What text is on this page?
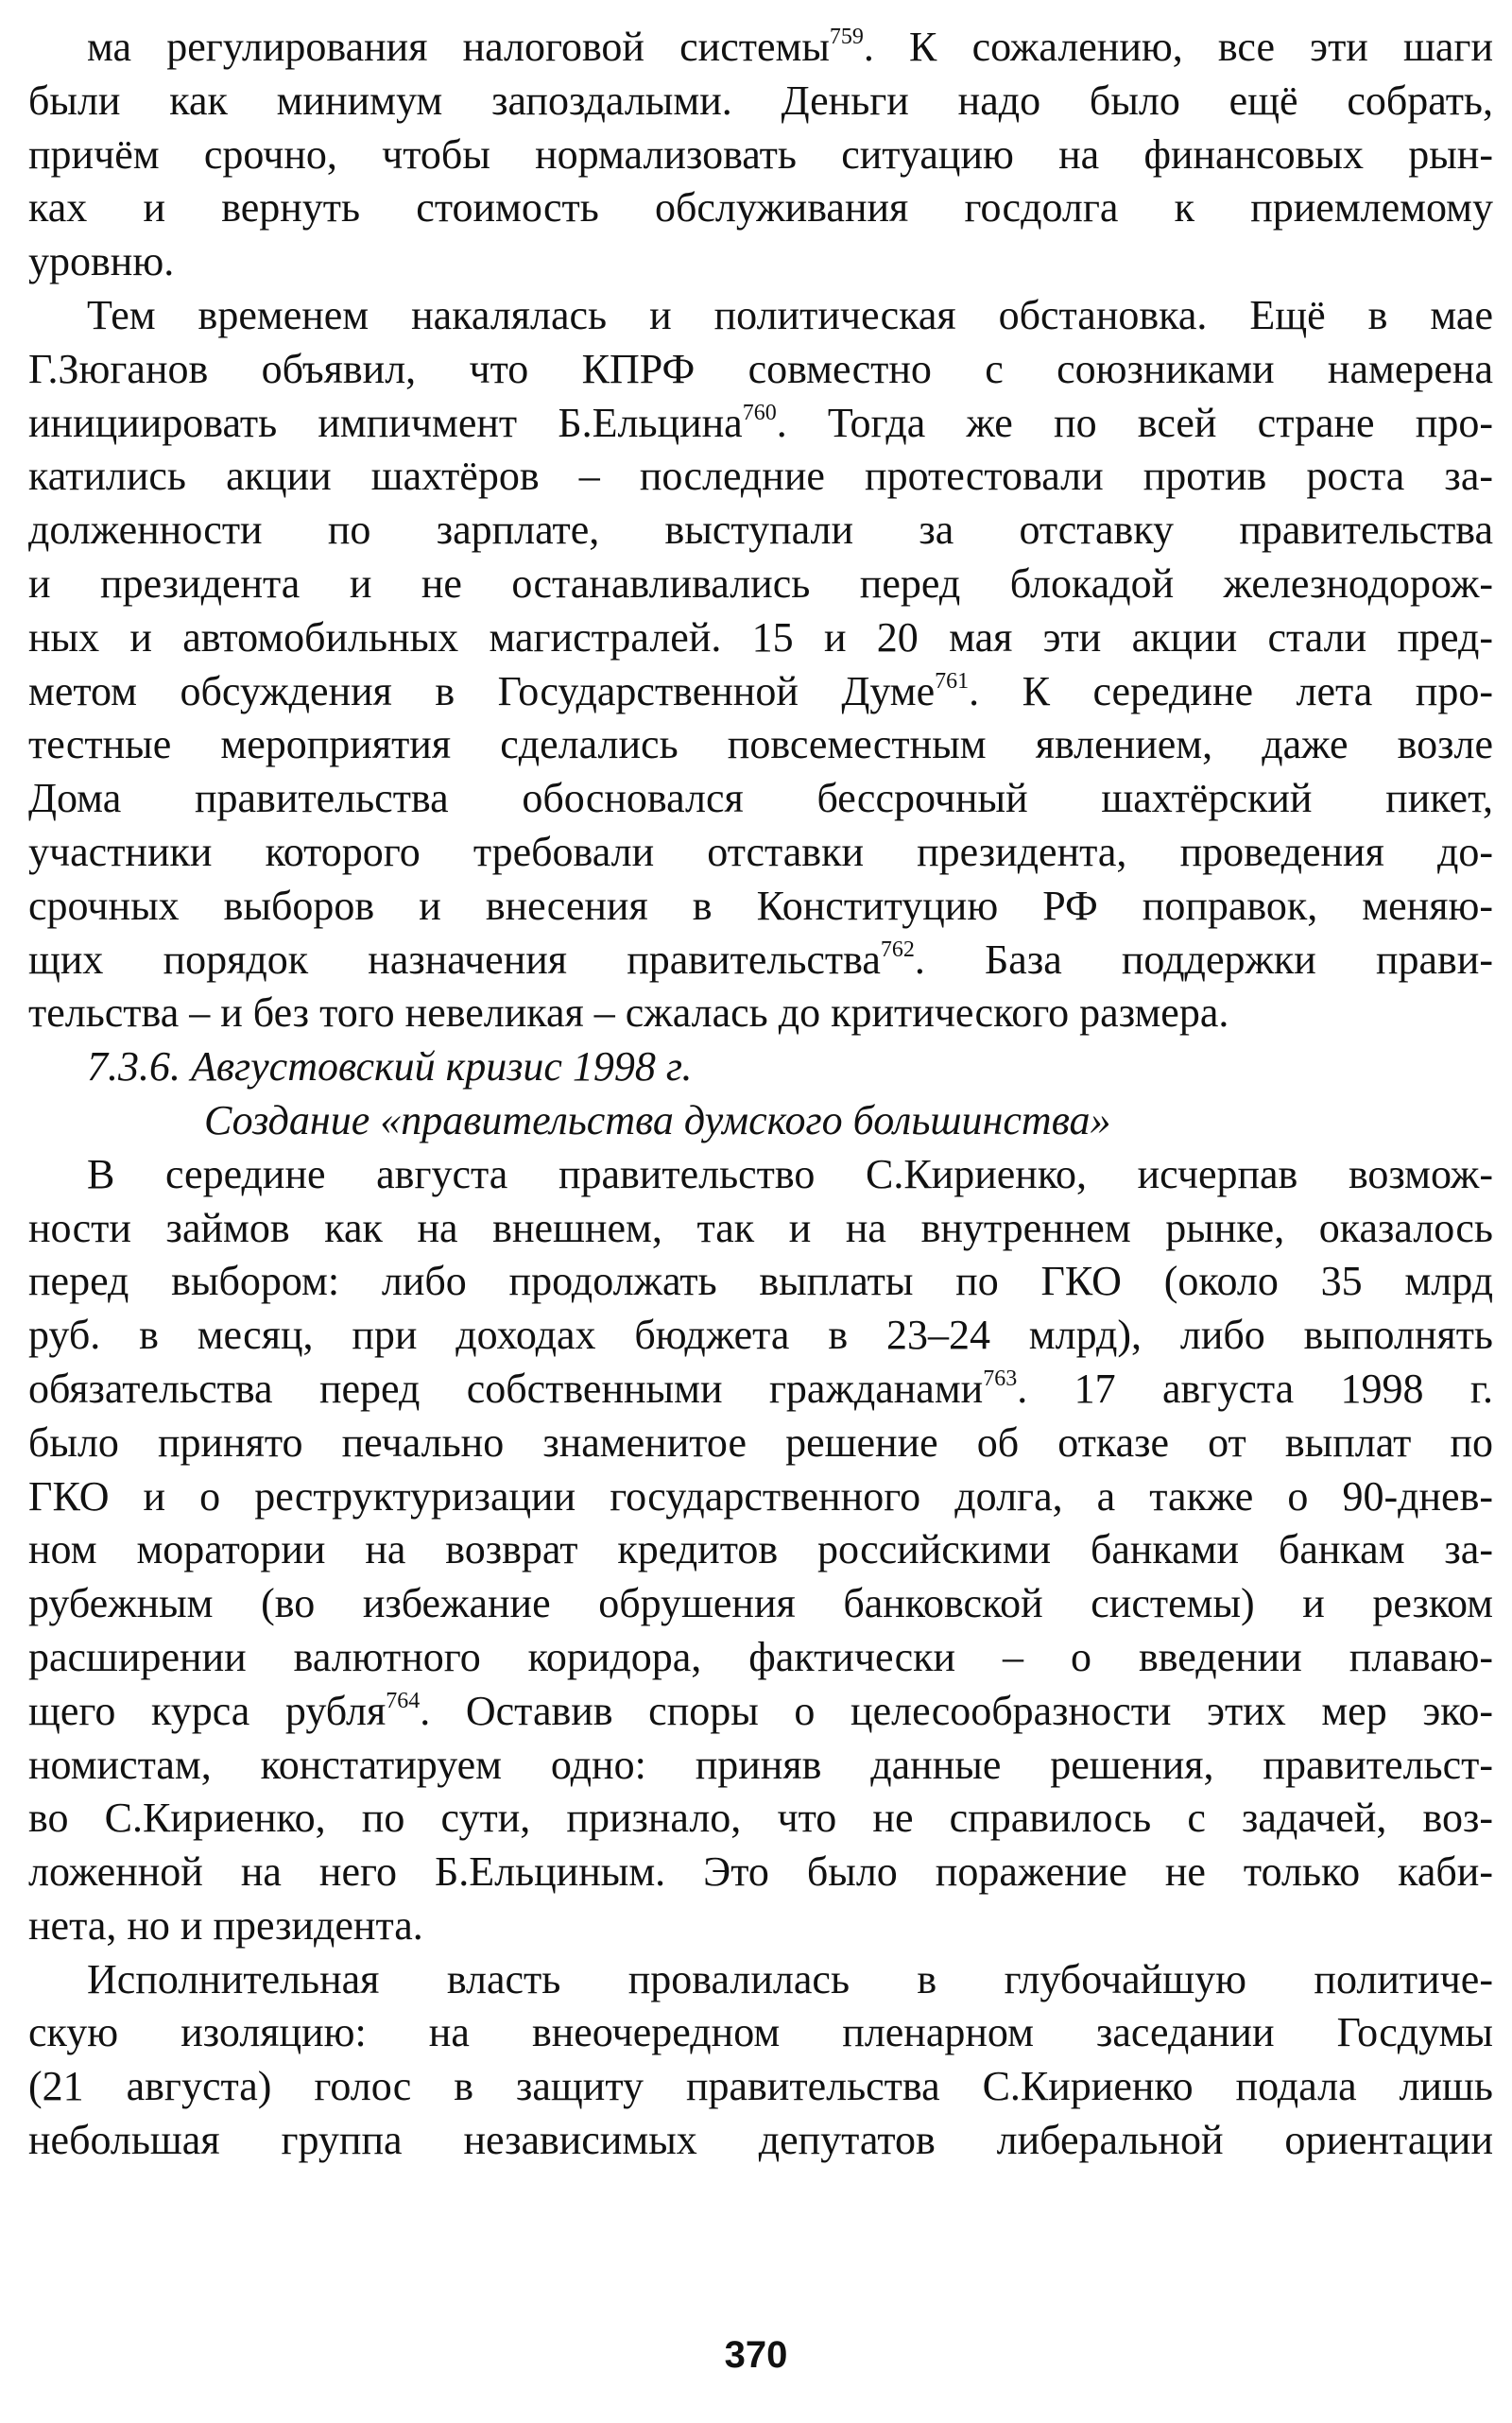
ма регулирования налоговой системы$^{759}$. К сожалению, все эти шаги
были как минимум запоздалыми. Деньги надо было ещё собрать,
причём срочно, чтобы нормализовать ситуацию на финансовых рын-
ках и вернуть стоимость обслуживания госдолга к приемлемому
уровню.
Тем временем накалялась и политическая обстановка. Ещё в мае
Г.Зюганов объявил, что КПРФ совместно с союзниками намерена
инициировать импичмент Б.Ельцина$^{760}$. Тогда же по всей стране про-
катились акции шахтёров – последние протестовали против роста за-
долженности по зарплате, выступали за отставку правительства
и президента и не останавливались перед блокадой железнодорож-
ных и автомобильных магистралей. 15 и 20 мая эти акции стали пред-
метом обсуждения в Государственной Думе$^{761}$. К середине лета про-
тестные мероприятия сделались повсеместным явлением, даже возле
Дома правительства обосновался бессрочный шахтёрский пикет,
участники которого требовали отставки президента, проведения до-
срочных выборов и внесения в Конституцию РФ поправок, меняю-
щих порядок назначения правительства$^{762}$. База поддержки прави-
тельства – и без того невеликая – сжалась до критического размера.
7.3.6. Августовский кризис 1998 г.
Создание «правительства думского большинства»
В середине августа правительство С.Кириенко, исчерпав возмож-
ности займов как на внешнем, так и на внутреннем рынке, оказалось
перед выбором: либо продолжать выплаты по ГКО (около 35 млрд
руб. в месяц, при доходах бюджета в 23–24 млрд), либо выполнять
обязательства перед собственными гражданами$^{763}$. 17 августа 1998 г.
было принято печально знаменитое решение об отказе от выплат по
ГКО и о реструктуризации государственного долга, а также о 90-днев-
ном моратории на возврат кредитов российскими банками банкам за-
рубежным (во избежание обрушения банковской системы) и резком
расширении валютного коридора, фактически – о введении плаваю-
щего курса рубля$^{764}$. Оставив споры о целесообразности этих мер эко-
номистам, констатируем одно: приняв данные решения, правительст-
во С.Кириенко, по сути, признало, что не справилось с задачей, воз-
ложенной на него Б.Ельциным. Это было поражение не только каби-
нета, но и президента.
Исполнительная власть провалилась в глубочайшую политиче-
скую изоляцию: на внеочередном пленарном заседании Госдумы
(21 августа) голос в защиту правительства С.Кириенко подала лишь
небольшая группа независимых депутатов либеральной ориентации
370
